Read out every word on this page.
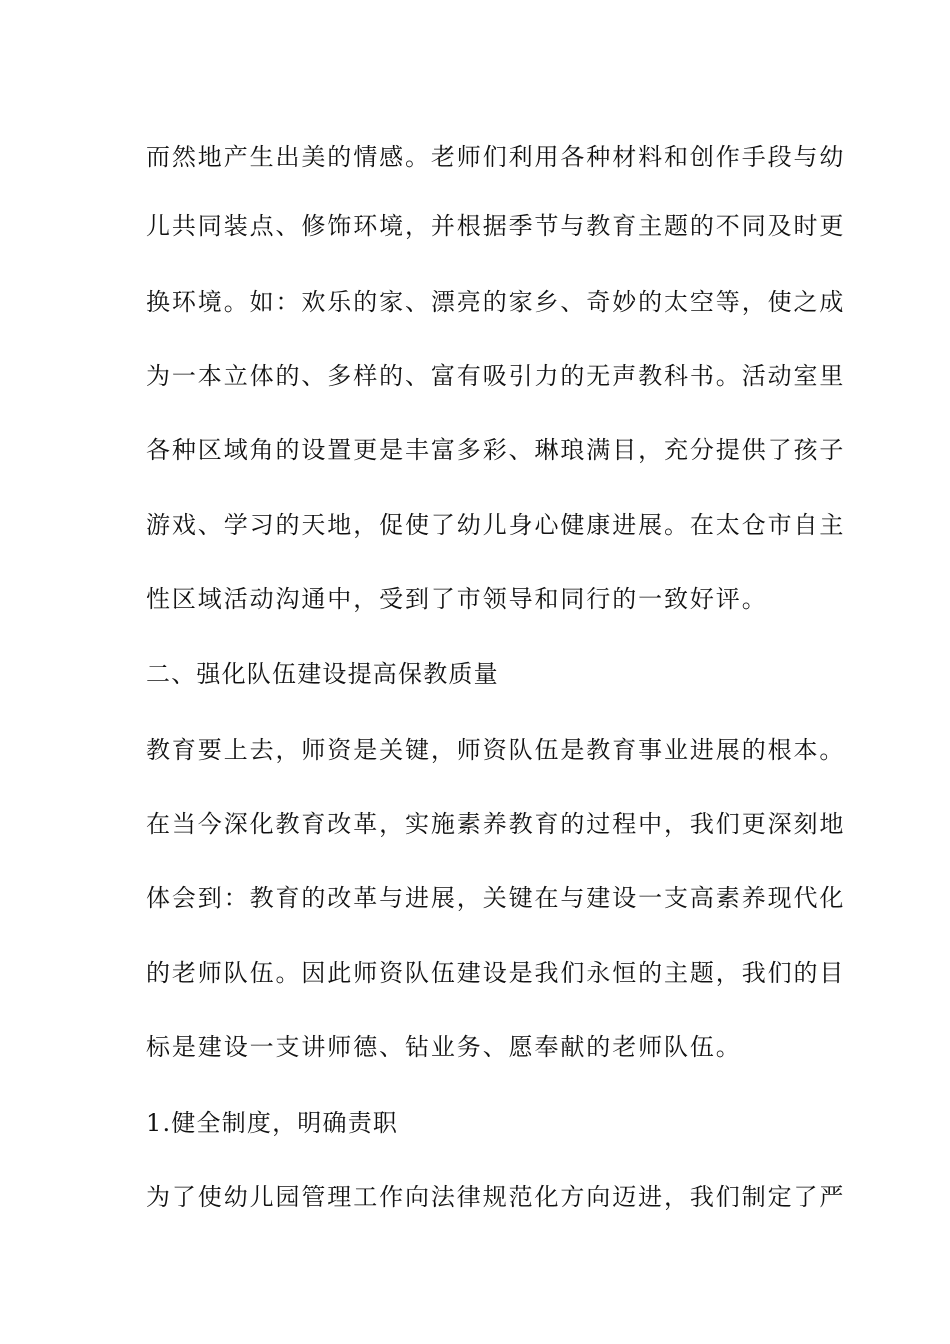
而然地产生出美的情感。老师们利用各种材料和创作手段与幼
儿共同装点、修饰环境，并根据季节与教育主题的不同及时更
换环境。如：欢乐的家、漂亮的家乡、奇妙的太空等，使之成
为一本立体的、多样的、富有吸引力的无声教科书。活动室里
各种区域角的设置更是丰富多彩、琳琅满目，充分提供了孩子
游戏、学习的天地，促使了幼儿身心健康进展。在太仓市自主
性区域活动沟通中，受到了市领导和同行的一致好评。
二、强化队伍建设提高保教质量
教育要上去，师资是关键，师资队伍是教育事业进展的根本。
在当今深化教育改革，实施素养教育的过程中，我们更深刻地
体会到：教育的改革与进展，关键在与建设一支高素养现代化
的老师队伍。因此师资队伍建设是我们永恒的主题，我们的目
标是建设一支讲师德、钻业务、愿奉献的老师队伍。
1.健全制度，明确责职
为了使幼儿园管理工作向法律规范化方向迈进，我们制定了严
